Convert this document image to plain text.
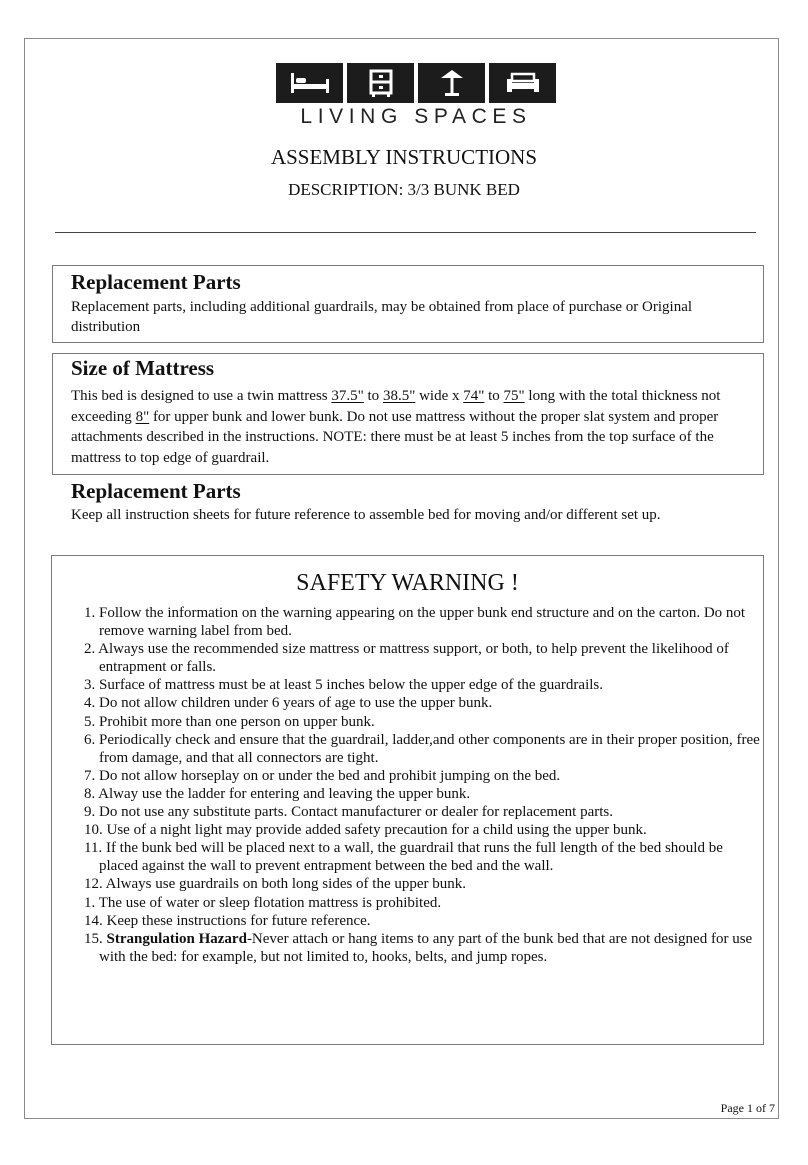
LIVING SPACES
ASSEMBLY INSTRUCTIONS
DESCRIPTION: 3/3 BUNK BED
Replacement Parts
Replacement parts, including additional guardrails, may be obtained from place of purchase or Original distribution
Size of Mattress
This bed is designed to use a twin mattress 37.5" to 38.5" wide x 74" to 75" long with the total thickness not exceeding 8" for upper bunk and lower bunk. Do not use mattress without the proper slat system and proper attachments described in the instructions. NOTE: there must be at least 5 inches from the top surface of the mattress to top edge of guardrail.
Replacement Parts
Keep all instruction sheets for future reference to assemble bed for moving and/or different set up.
SAFETY WARNING !
1. Follow the information on the warning appearing on the upper bunk end structure and on the carton. Do not remove warning label from bed.
2. Always use the recommended size mattress or mattress support, or both, to help prevent the likelihood of entrapment or falls.
3. Surface of mattress must be at least 5 inches below the upper edge of the guardrails.
4. Do not allow children under 6 years of age to use the upper bunk.
5. Prohibit more than one person on upper bunk.
6. Periodically check and ensure that the guardrail, ladder,and other components are in their proper position, free from damage, and that all connectors are tight.
7. Do not allow horseplay on or under the bed and prohibit jumping on the bed.
8. Alway use the ladder for entering and leaving the upper bunk.
9. Do not use any substitute parts. Contact manufacturer or dealer for replacement parts.
10. Use of a night light may provide added safety precaution for a child using the upper bunk.
11. If the bunk bed will be placed next to a wall, the guardrail that runs the full length of the bed should be placed against the wall to prevent entrapment between the bed and the wall.
12. Always use guardrails on both long sides of the upper bunk.
1. The use of water or sleep flotation mattress is prohibited.
14. Keep these instructions for future reference.
15. Strangulation Hazard-Never attach or hang items to any part of the bunk bed that are not designed for use with the bed: for example, but not limited to, hooks, belts, and jump ropes.
Page 1 of 7
